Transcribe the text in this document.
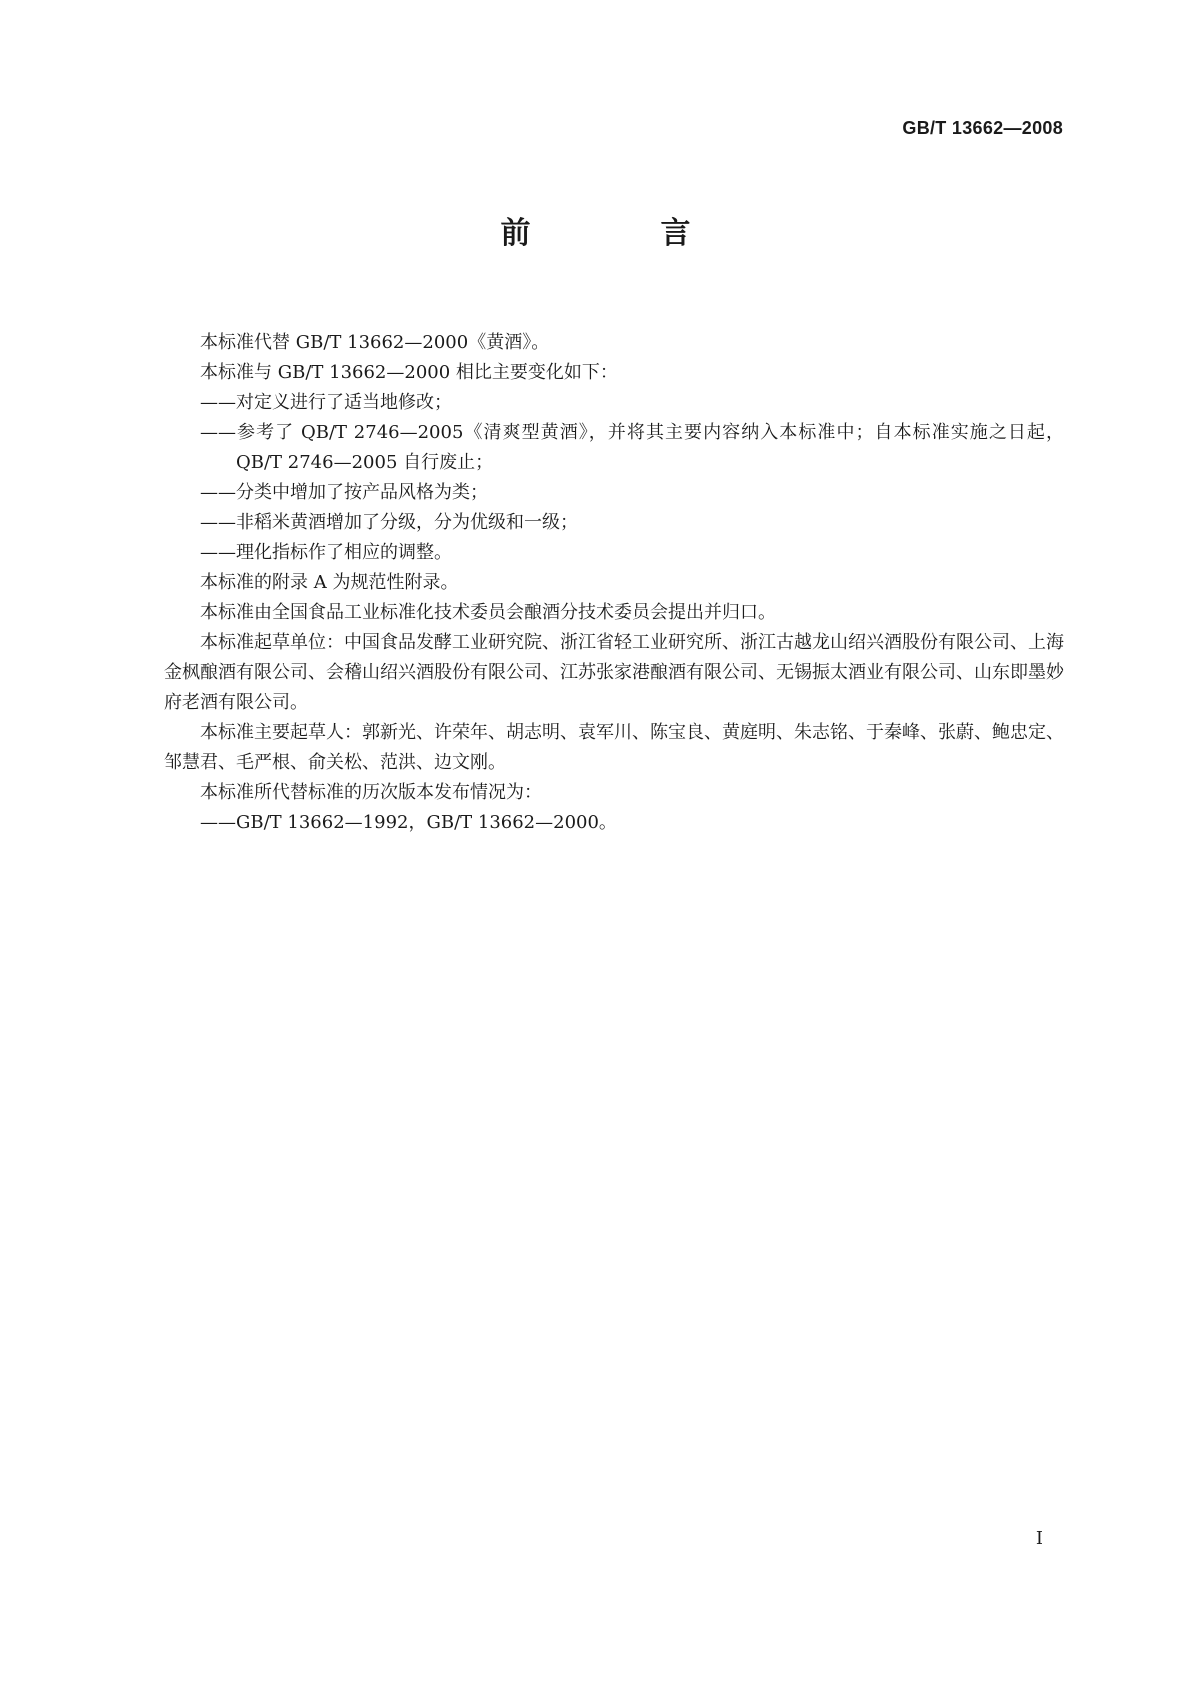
GB/T 13662—2008
前　言

本标准代替 GB/T 13662—2000《黄酒》。

本标准与 GB/T 13662—2000 相比主要变化如下：

——对定义进行了适当地修改；

——参考了 QB/T 2746—2005《清爽型黄酒》，并将其主要内容纳入本标准中；自本标准实施之日起，QB/T 2746—2005 自行废止；

——分类中增加了按产品风格为类；

——非稻米黄酒增加了分级，分为优级和一级；

——理化指标作了相应的调整。

本标准的附录 A 为规范性附录。

本标准由全国食品工业标准化技术委员会酿酒分技术委员会提出并归口。

本标准起草单位：中国食品发酵工业研究院、浙江省轻工业研究所、浙江古越龙山绍兴酒股份有限公司、上海金枫酿酒有限公司、会稽山绍兴酒股份有限公司、江苏张家港酿酒有限公司、无锡振太酒业有限公司、山东即墨妙府老酒有限公司。

本标准主要起草人：郭新光、许荣年、胡志明、袁军川、陈宝良、黄庭明、朱志铭、于秦峰、张蔚、鲍忠定、邹慧君、毛严根、俞关松、范洪、边文刚。

本标准所代替标准的历次版本发布情况为：

——GB/T 13662—1992，GB/T 13662—2000。

I
